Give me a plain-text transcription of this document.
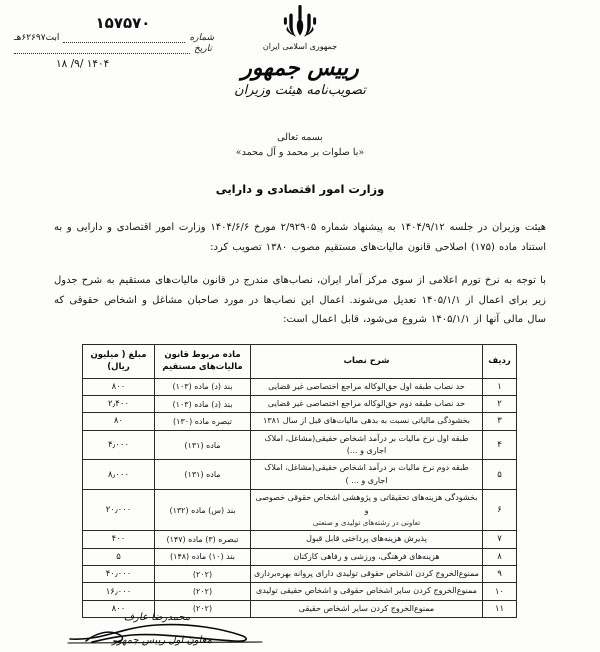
۱۵۷۵۷۰
شماره
ابت۶۲۶۹۷هـ
تاریخ
۱۴۰۴ /۹/ ۱۸
جمهوری اسلامی ایران
رییس جمهور
تصویب‌نامه هیئت وزیران
بسمه تعالی
«با صلوات بر محمد و آل محمد»
وزارت امور اقتصادی و دارایی

هیئت وزیران در جلسه ۱۴۰۴/۹/۱۲ به پیشنهاد شماره ۲/۹۲۹۰۵ مورخ ۱۴۰۴/۶/۶ وزارت امور اقتصادی و دارایی و به استناد ماده (۱۷۵) اصلاحی قانون مالیات‌های مستقیم مصوب ۱۳۸۰ تصویب کرد:

با توجه به نرخ تورم اعلامی از سوی مرکز آمار ایران، نصاب‌های مندرج در قانون مالیات‌های مستقیم به شرح جدول زیر برای اعمال از ۱۴۰۵/۱/۱ تعدیل می‌شوند. اعمال این نصاب‌ها در مورد صاحبان مشاغل و اشخاص حقوقی که سال مالی آنها از ۱۴۰۵/۱/۱ شروع می‌شود، قابل اعمال است:

ردیف	شرح نصاب	ماده مربوط قانون مالیات‌های مستقیم	مبلغ ( میلیون ریال)
۱	حد نصاب طبقه اول حق‌الوکاله مراجع اختصاصی غیر قضایی	بند (د) ماده (۱۰۳)	۸۰۰
۲	حد نصاب طبقه دوم حق‌الوکاله مراجع اختصاصی غیر قضایی	بند (د) ماده (۱۰۳)	۲٫۴۰۰
۳	بخشودگی مالیاتی نسبت به بدهی مالیات‌های قبل از سال ۱۳۸۱	تبصره ماده (۱۳۰)	۸۰
۴	طبقه اول نرخ مالیات بر درآمد اشخاص حقیقی(مشاغل، املاک اجاری و ...)	ماده (۱۳۱)	۴٫۰۰۰
۵	طبقه دوم نرخ مالیات بر درآمد اشخاص حقیقی(مشاغل، املاک اجاری و ... )	ماده (۱۳۱)	۸٫۰۰۰
۶	بخشودگی هزینه‌های تحقیقاتی و پژوهشی اشخاص حقوقی خصوصی و
تعاونی در رشته‌های تولیدی و صنعتی	بند (س) ماده (۱۳۲)	۲۰٫۰۰۰
۷	پذیرش هزینه‌های پرداختی قابل قبول	تبصره (۳) ماده (۱۴۷)	۴۰۰
۸	هزینه‌های فرهنگی، ورزشی و رفاهی کارکنان	بند (۱۰) ماده (۱۴۸)	۵
۹	ممنوع‌الخروج کردن اشخاص حقوقی تولیدی دارای پروانه بهره‌برداری	(۲۰۲)	۴۰٫۰۰۰
۱۰	ممنوع‌الخروج کردن سایر اشخاص حقوقی و اشخاص حقیقی تولیدی	(۲۰۲)	۱۶٫۰۰۰
۱۱	ممنوع‌الخروج کردن سایر اشخاص حقیقی	(۲۰۲)	۸۰۰
محمدرضا عارف
معاون اول رییس جمهور
